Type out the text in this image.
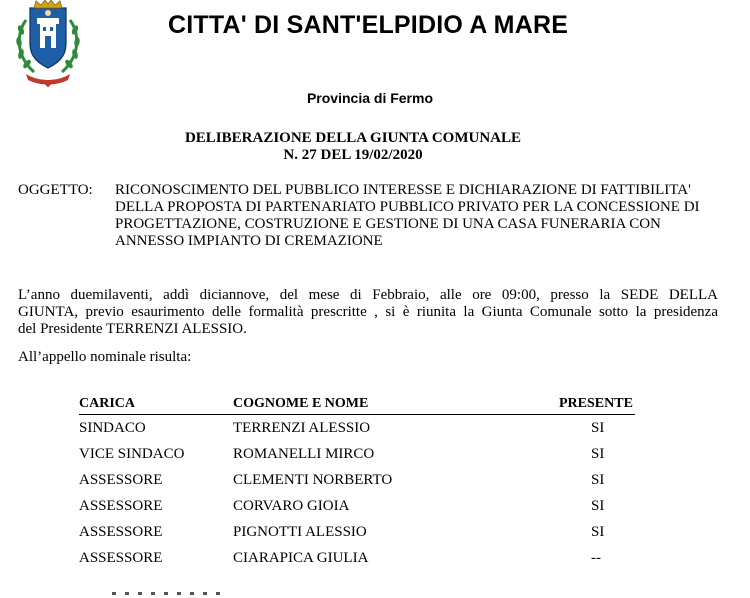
CITTA' DI SANT'ELPIDIO A MARE
Provincia di Fermo
DELIBERAZIONE DELLA GIUNTA COMUNALE
N. 27 DEL 19/02/2020
OGGETTO: RICONOSCIMENTO DEL PUBBLICO INTERESSE E DICHIARAZIONE DI FATTIBILITA' DELLA PROPOSTA DI PARTENARIATO PUBBLICO PRIVATO PER LA CONCESSIONE DI PROGETTAZIONE, COSTRUZIONE E GESTIONE DI UNA CASA FUNERARIA CON ANNESSO IMPIANTO DI CREMAZIONE
L’anno duemilaventi, addì diciannove, del mese di Febbraio, alle ore 09:00, presso la SEDE DELLA
GIUNTA, previo esaurimento delle formalità prescritte , si è riunita la Giunta Comunale sotto la presidenza
del Presidente TERRENZI ALESSIO.
All’appello nominale risulta:
CARICA	COGNOME E NOME	PRESENTE
SINDACO	TERRENZI ALESSIO	SI
VICE SINDACO	ROMANELLI MIRCO	SI
ASSESSORE	CLEMENTI NORBERTO	SI
ASSESSORE	CORVARO GIOIA	SI
ASSESSORE	PIGNOTTI ALESSIO	SI
ASSESSORE	CIARAPICA GIULIA	--
